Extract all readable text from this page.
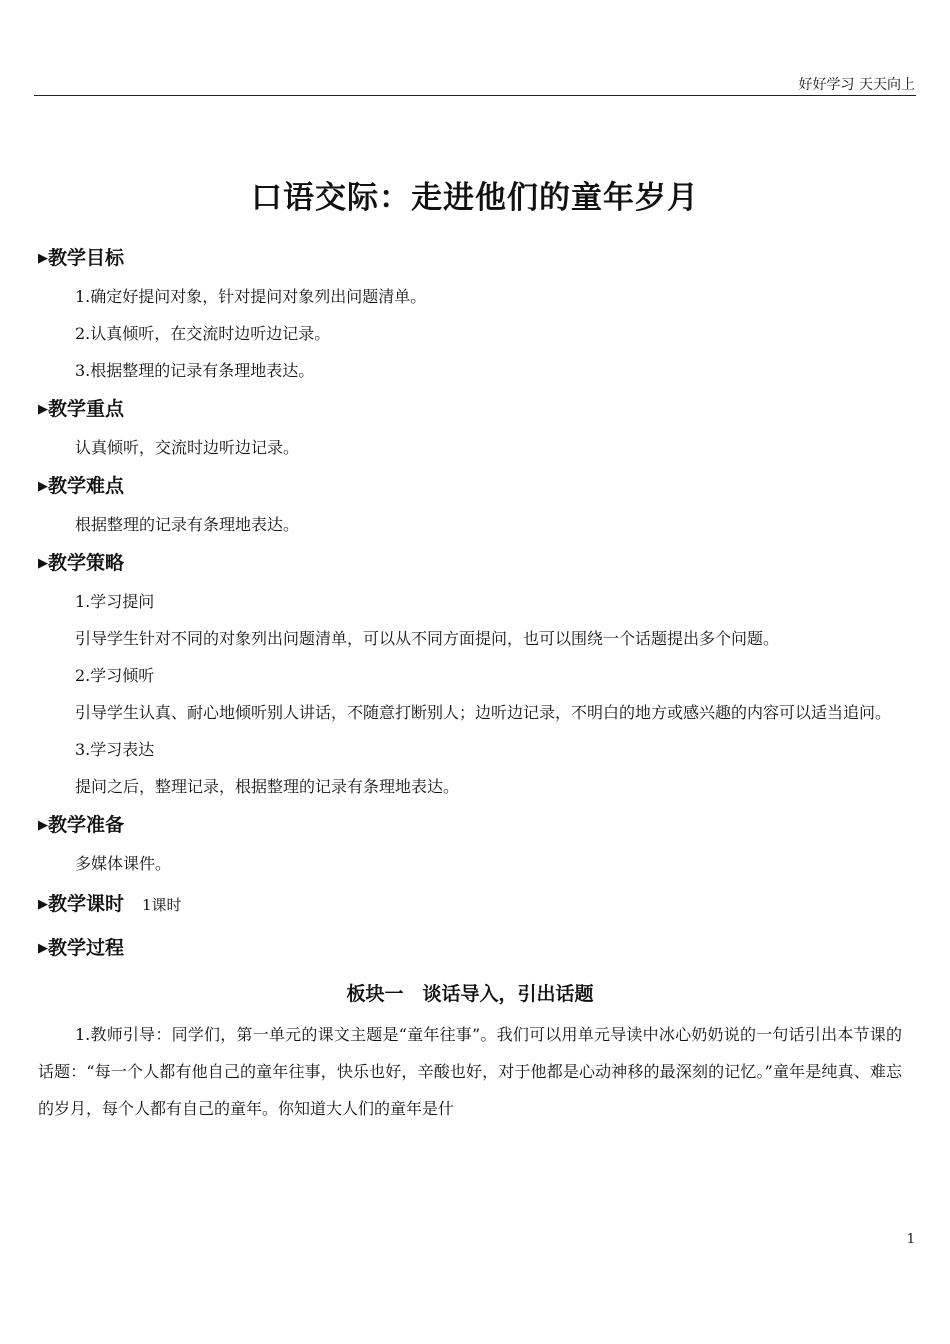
好好学习 天天向上
口语交际：走进他们的童年岁月
▶教学目标
1.确定好提问对象，针对提问对象列出问题清单。
2.认真倾听，在交流时边听边记录。
3.根据整理的记录有条理地表达。
▶教学重点
认真倾听，交流时边听边记录。
▶教学难点
根据整理的记录有条理地表达。
▶教学策略
1.学习提问
引导学生针对不同的对象列出问题清单，可以从不同方面提问，也可以围绕一个话题提出多个问题。
2.学习倾听
引导学生认真、耐心地倾听别人讲话，不随意打断别人；边听边记录，不明白的地方或感兴趣的内容可以适当追问。
3.学习表达
提问之后，整理记录，根据整理的记录有条理地表达。
▶教学准备
多媒体课件。
▶教学课时 1课时
▶教学过程
板块一　谈话导入，引出话题
1.教师引导：同学们，第一单元的课文主题是“童年往事”。我们可以用单元导读中冰心奶奶说的一句话引出本节课的话题：“每一个人都有他自己的童年往事，快乐也好，辛酸也好，对于他都是心动神移的最深刻的记忆。”童年是纯真、难忘的岁月，每个人都有自己的童年。你知道大人们的童年是什
1
